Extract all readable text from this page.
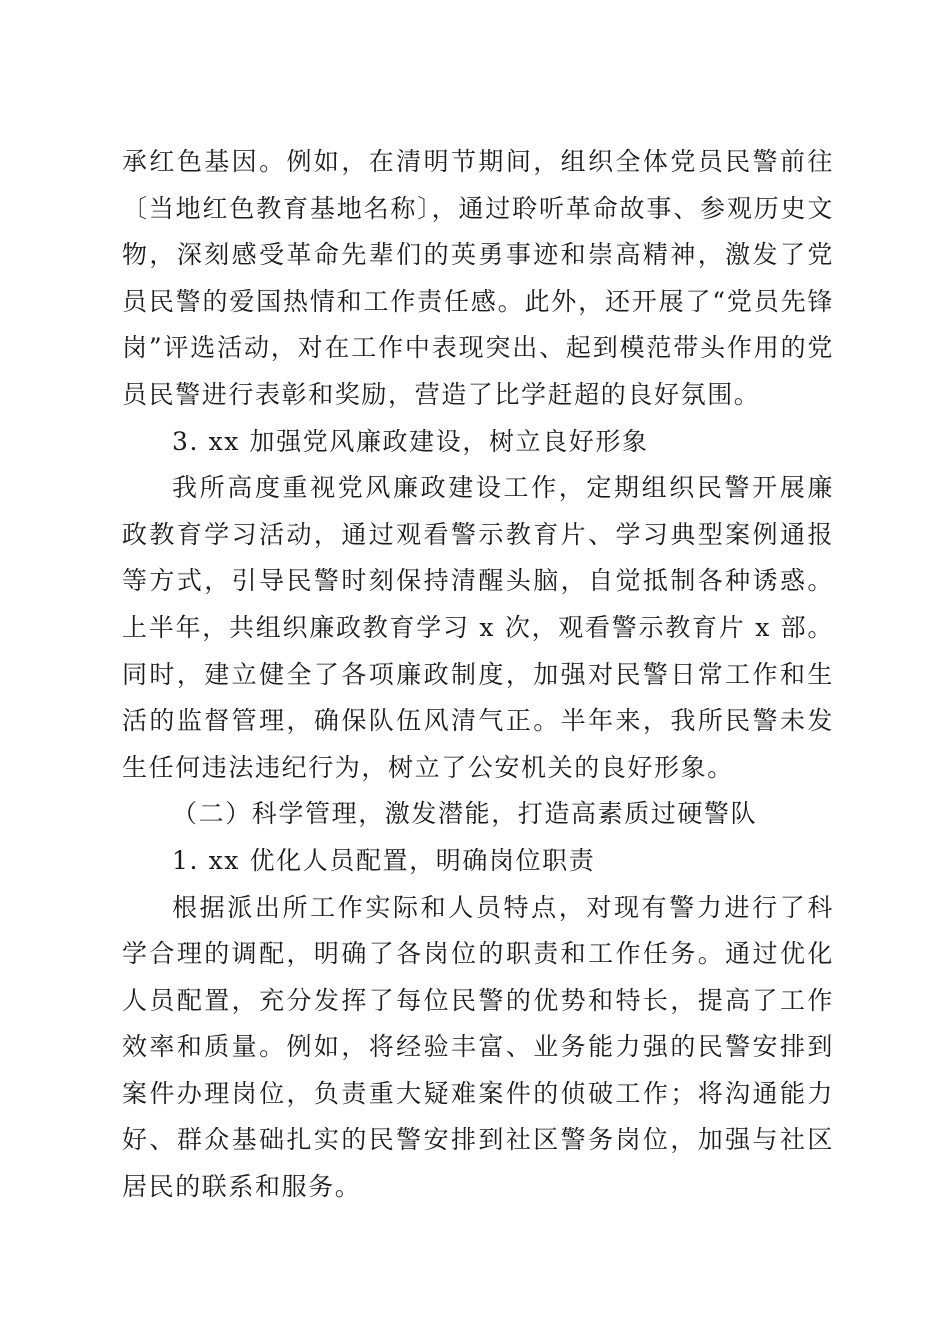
承红色基因。例如，在清明节期间，组织全体党员民警前往〔当地红色教育基地名称〕，通过聆听革命故事、参观历史文物，深刻感受革命先辈们的英勇事迹和崇高精神，激发了党员民警的爱国热情和工作责任感。此外，还开展了“党员先锋岗”评选活动，对在工作中表现突出、起到模范带头作用的党员民警进行表彰和奖励，营造了比学赶超的良好氛围。

3. xx 加强党风廉政建设，树立良好形象

我所高度重视党风廉政建设工作，定期组织民警开展廉政教育学习活动，通过观看警示教育片、学习典型案例通报等方式，引导民警时刻保持清醒头脑，自觉抵制各种诱惑。上半年，共组织廉政教育学习 x 次，观看警示教育片 x 部。同时，建立健全了各项廉政制度，加强对民警日常工作和生活的监督管理，确保队伍风清气正。半年来，我所民警未发生任何违法违纪行为，树立了公安机关的良好形象。

（二）科学管理，激发潜能，打造高素质过硬警队

1. xx 优化人员配置，明确岗位职责

根据派出所工作实际和人员特点，对现有警力进行了科学合理的调配，明确了各岗位的职责和工作任务。通过优化人员配置，充分发挥了每位民警的优势和特长，提高了工作效率和质量。例如，将经验丰富、业务能力强的民警安排到案件办理岗位，负责重大疑难案件的侦破工作；将沟通能力好、群众基础扎实的民警安排到社区警务岗位，加强与社区居民的联系和服务。
